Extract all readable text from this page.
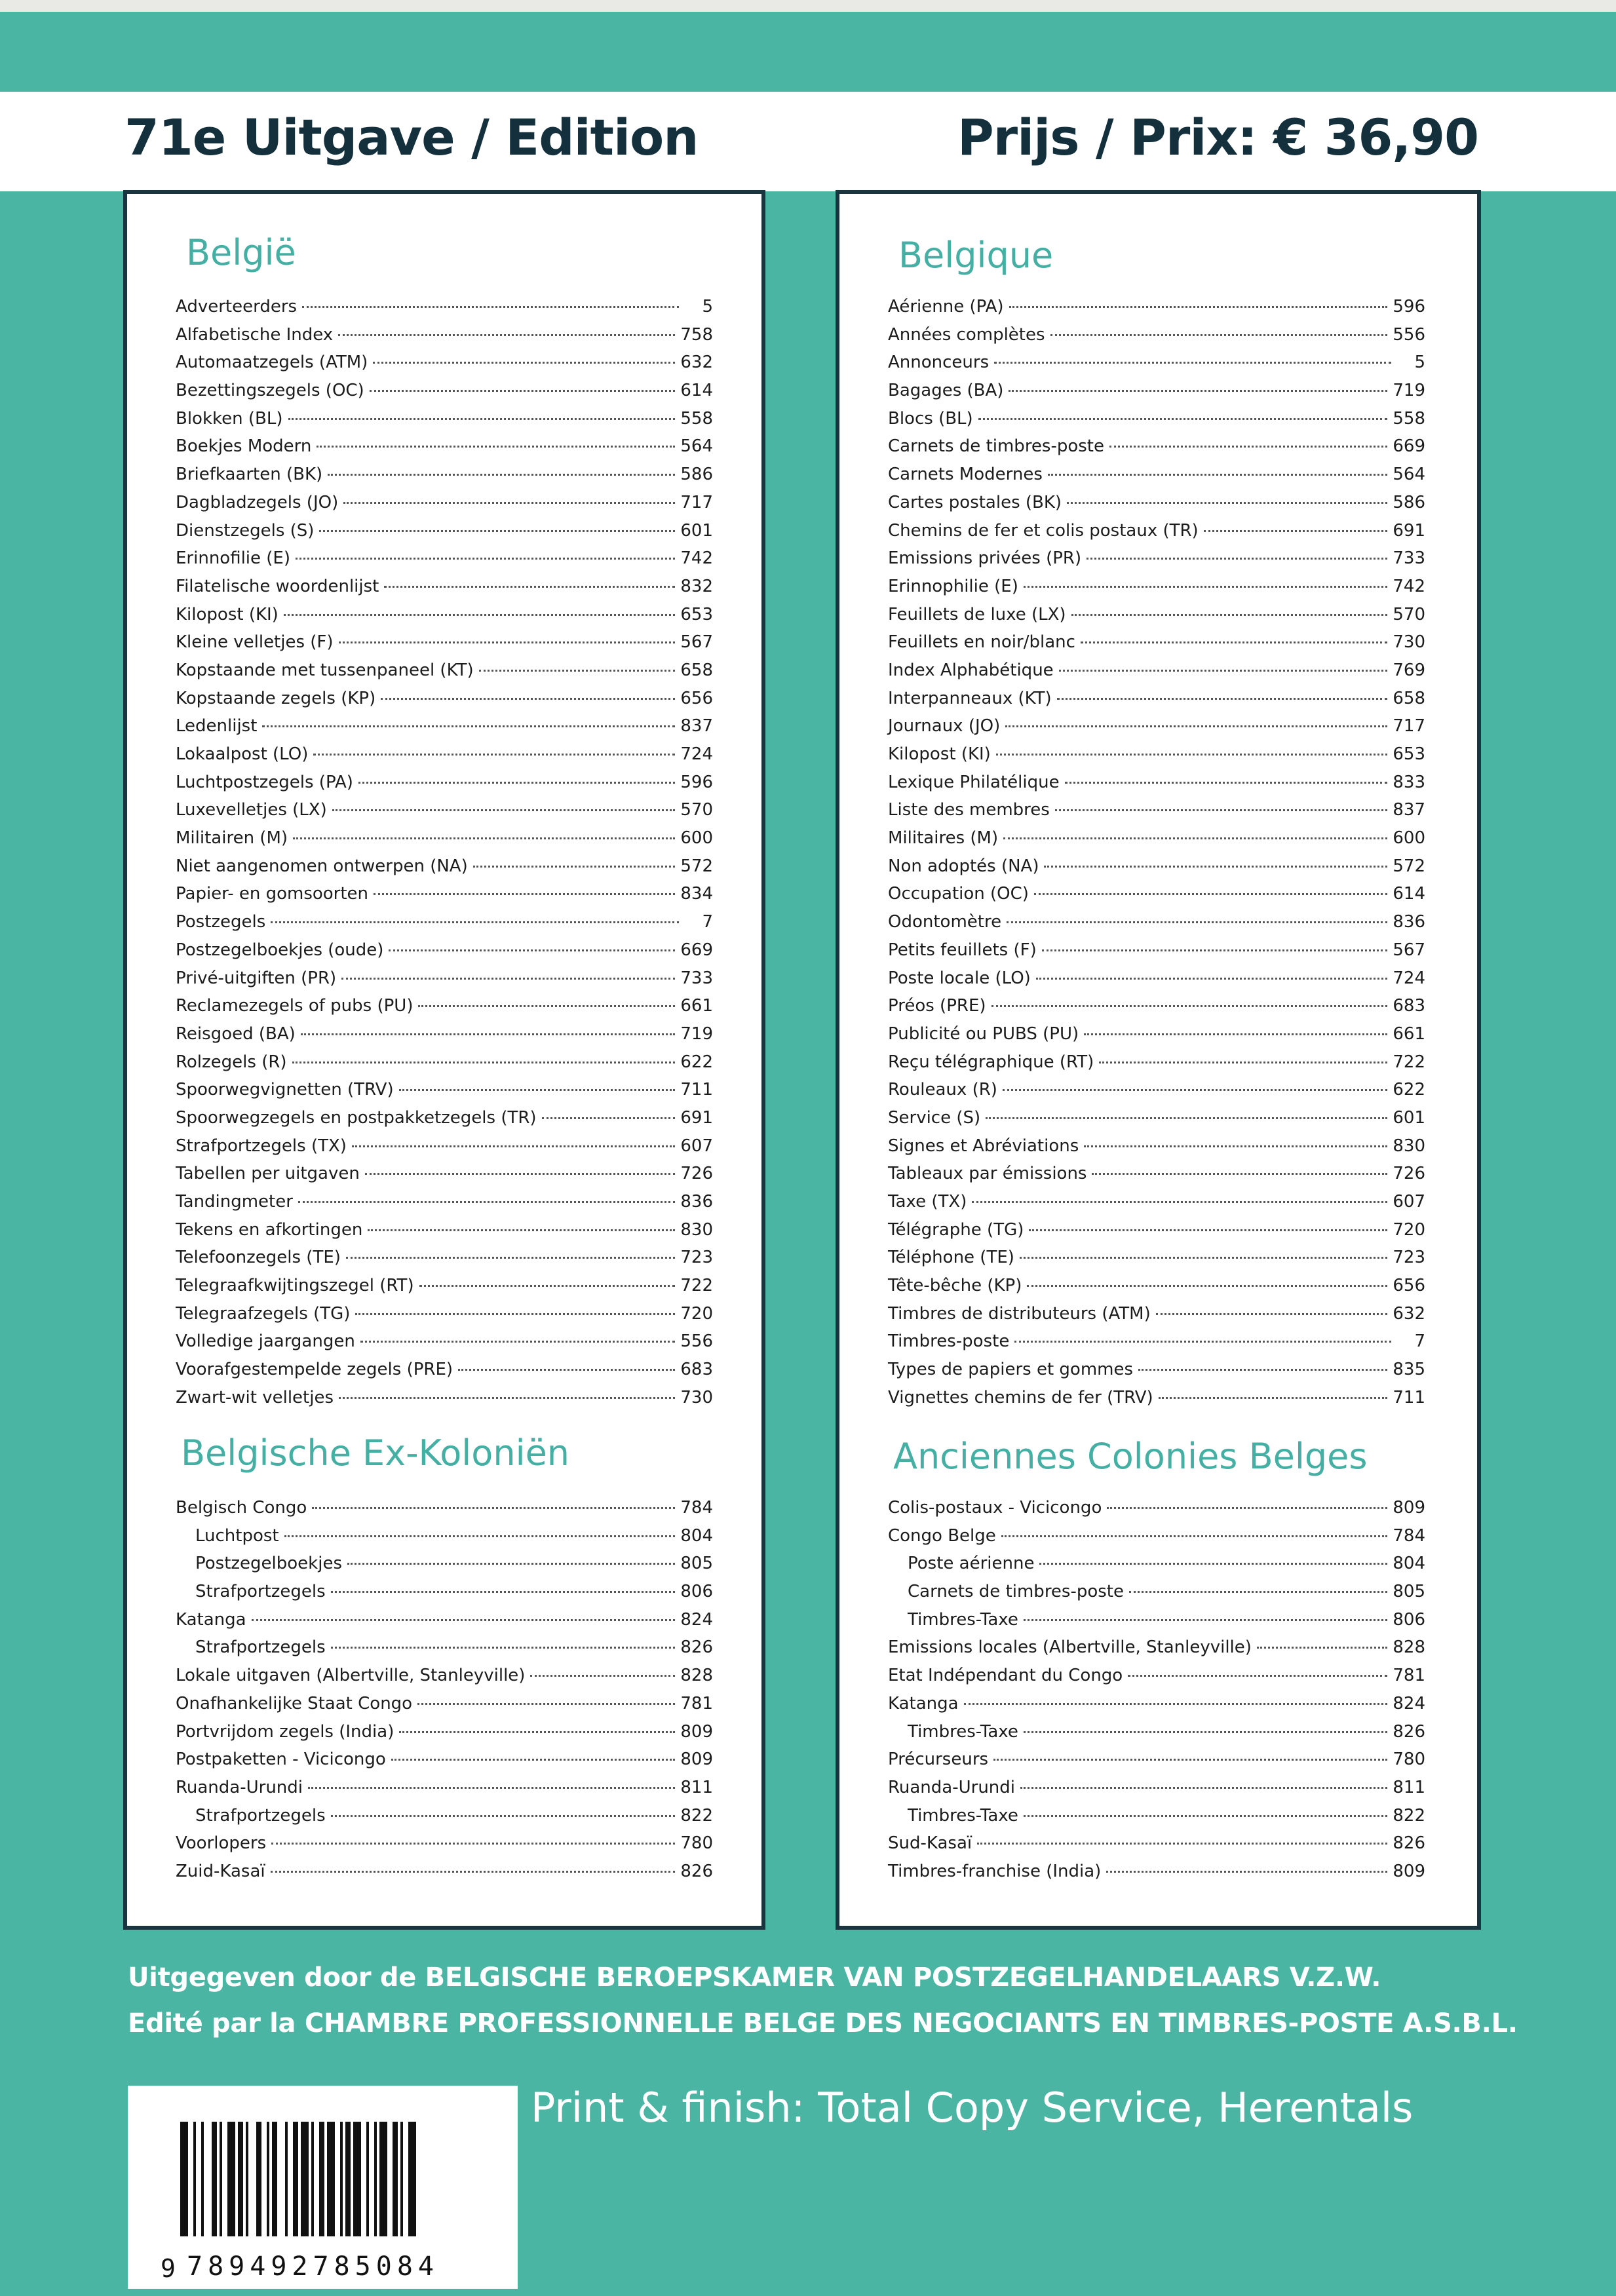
71e Uitgave / Edition	Prijs / Prix: € 36,90
België
Adverteerders	5
Alfabetische Index	758
Automaatzegels (ATM)	632
Bezettingszegels (OC)	614
Blokken (BL)	558
Boekjes Modern	564
Briefkaarten (BK)	586
Dagbladzegels (JO)	717
Dienstzegels (S)	601
Erinnofilie (E)	742
Filatelische woordenlijst	832
Kilopost (KI)	653
Kleine velletjes (F)	567
Kopstaande met tussenpaneel (KT)	658
Kopstaande zegels (KP)	656
Ledenlijst	837
Lokaalpost (LO)	724
Luchtpostzegels (PA)	596
Luxevelletjes (LX)	570
Militairen (M)	600
Niet aangenomen ontwerpen (NA)	572
Papier- en gomsoorten	834
Postzegels	7
Postzegelboekjes (oude)	669
Privé-uitgiften (PR)	733
Reclamezegels of pubs (PU)	661
Reisgoed (BA)	719
Rolzegels (R)	622
Spoorwegvignetten (TRV)	711
Spoorwegzegels en postpakketzegels (TR)	691
Strafportzegels (TX)	607
Tabellen per uitgaven	726
Tandingmeter	836
Tekens en afkortingen	830
Telefoonzegels (TE)	723
Telegraafkwijtingszegel (RT)	722
Telegraafzegels (TG)	720
Volledige jaargangen	556
Voorafgestempelde zegels (PRE)	683
Zwart-wit velletjes	730
Belgische Ex-Koloniën
Belgisch Congo	784
Luchtpost	804
Postzegelboekjes	805
Strafportzegels	806
Katanga	824
Strafportzegels	826
Lokale uitgaven (Albertville, Stanleyville)	828
Onafhankelijke Staat Congo	781
Portvrijdom zegels (India)	809
Postpaketten - Vicicongo	809
Ruanda-Urundi	811
Strafportzegels	822
Voorlopers	780
Zuid-Kasaï	826
Belgique
Aérienne (PA)	596
Années complètes	556
Annonceurs	5
Bagages (BA)	719
Blocs (BL)	558
Carnets de timbres-poste	669
Carnets Modernes	564
Cartes postales (BK)	586
Chemins de fer et colis postaux (TR)	691
Emissions privées (PR)	733
Erinnophilie (E)	742
Feuillets de luxe (LX)	570
Feuillets en noir/blanc	730
Index Alphabétique	769
Interpanneaux (KT)	658
Journaux (JO)	717
Kilopost (KI)	653
Lexique Philatélique	833
Liste des membres	837
Militaires (M)	600
Non adoptés (NA)	572
Occupation (OC)	614
Odontomètre	836
Petits feuillets (F)	567
Poste locale (LO)	724
Préos (PRE)	683
Publicité ou PUBS (PU)	661
Reçu télégraphique (RT)	722
Rouleaux (R)	622
Service (S)	601
Signes et Abréviations	830
Tableaux par émissions	726
Taxe (TX)	607
Télégraphe (TG)	720
Téléphone (TE)	723
Tête-bêche (KP)	656
Timbres de distributeurs (ATM)	632
Timbres-poste	7
Types de papiers et gommes	835
Vignettes chemins de fer (TRV)	711
Anciennes Colonies Belges
Colis-postaux - Vicicongo	809
Congo Belge	784
Poste aérienne	804
Carnets de timbres-poste	805
Timbres-Taxe	806
Emissions locales (Albertville, Stanleyville)	828
Etat Indépendant du Congo	781
Katanga	824
Timbres-Taxe	826
Précurseurs	780
Ruanda-Urundi	811
Timbres-Taxe	822
Sud-Kasaï	826
Timbres-franchise (India)	809
Uitgegeven door de BELGISCHE BEROEPSKAMER VAN POSTZEGELHANDELAARS V.Z.W.
Edité par la CHAMBRE PROFESSIONNELLE BELGE DES NEGOCIANTS EN TIMBRES-POSTE A.S.B.L.
9 789492785084
Print & finish: Total Copy Service, Herentals
